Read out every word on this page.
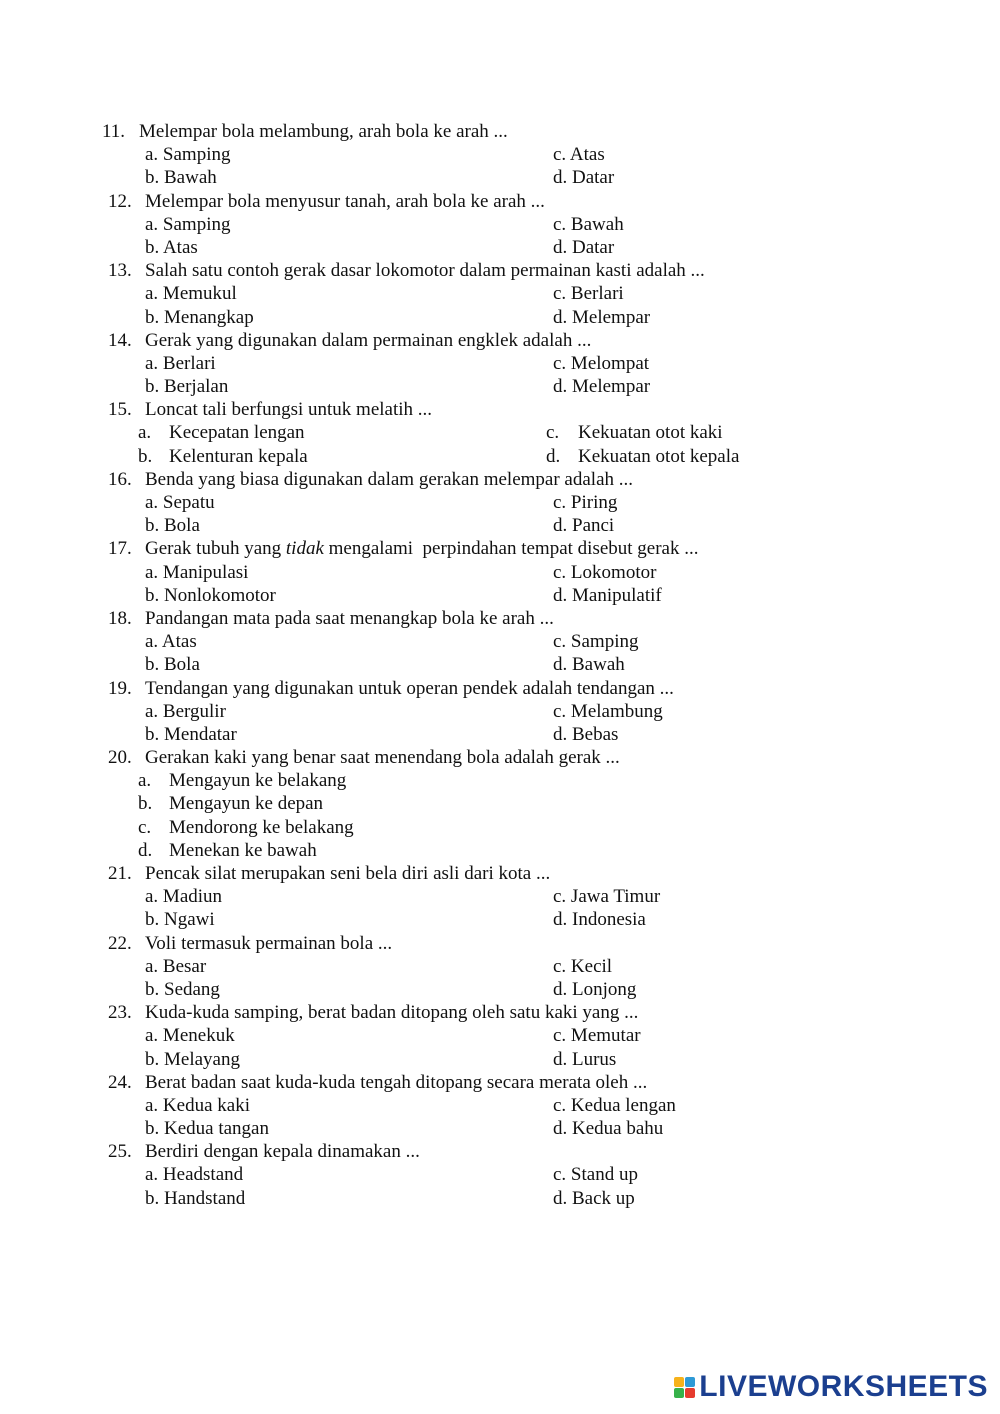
11. Melempar bola melambung, arah bola ke arah ...
a. Samping	c. Atas
b. Bawah	d. Datar
12. Melempar bola menyusur tanah, arah bola ke arah ...
a. Samping	c. Bawah
b. Atas	d. Datar
13. Salah satu contoh gerak dasar lokomotor dalam permainan kasti adalah ...
a. Memukul	c. Berlari
b. Menangkap	d. Melempar
14. Gerak yang digunakan dalam permainan engklek adalah ...
a. Berlari	c. Melompat
b. Berjalan	d. Melempar
15. Loncat tali berfungsi untuk melatih ...
a. Kecepatan lengan	c. Kekuatan otot kaki
b. Kelenturan kepala	d. Kekuatan otot kepala
16. Benda yang biasa digunakan dalam gerakan melempar adalah ...
a. Sepatu	c. Piring
b. Bola	d. Panci
17. Gerak tubuh yang tidak mengalami  perpindahan tempat disebut gerak ...
a. Manipulasi	c. Lokomotor
b. Nonlokomotor	d. Manipulatif
18. Pandangan mata pada saat menangkap bola ke arah ...
a. Atas	c. Samping
b. Bola	d. Bawah
19. Tendangan yang digunakan untuk operan pendek adalah tendangan ...
a. Bergulir	c. Melambung
b. Mendatar	d. Bebas
20. Gerakan kaki yang benar saat menendang bola adalah gerak ...
a. Mengayun ke belakang
b. Mengayun ke depan
c. Mendorong ke belakang
d. Menekan ke bawah
21. Pencak silat merupakan seni bela diri asli dari kota ...
a. Madiun	c. Jawa Timur
b. Ngawi	d. Indonesia
22. Voli termasuk permainan bola ...
a. Besar	c. Kecil
b. Sedang	d. Lonjong
23. Kuda-kuda samping, berat badan ditopang oleh satu kaki yang ...
a. Menekuk	c. Memutar
b. Melayang	d. Lurus
24. Berat badan saat kuda-kuda tengah ditopang secara merata oleh ...
a. Kedua kaki	c. Kedua lengan
b. Kedua tangan	d. Kedua bahu
25. Berdiri dengan kepala dinamakan ...
a. Headstand	c. Stand up
b. Handstand	d. Back up
LIVEWORKSHEETS
